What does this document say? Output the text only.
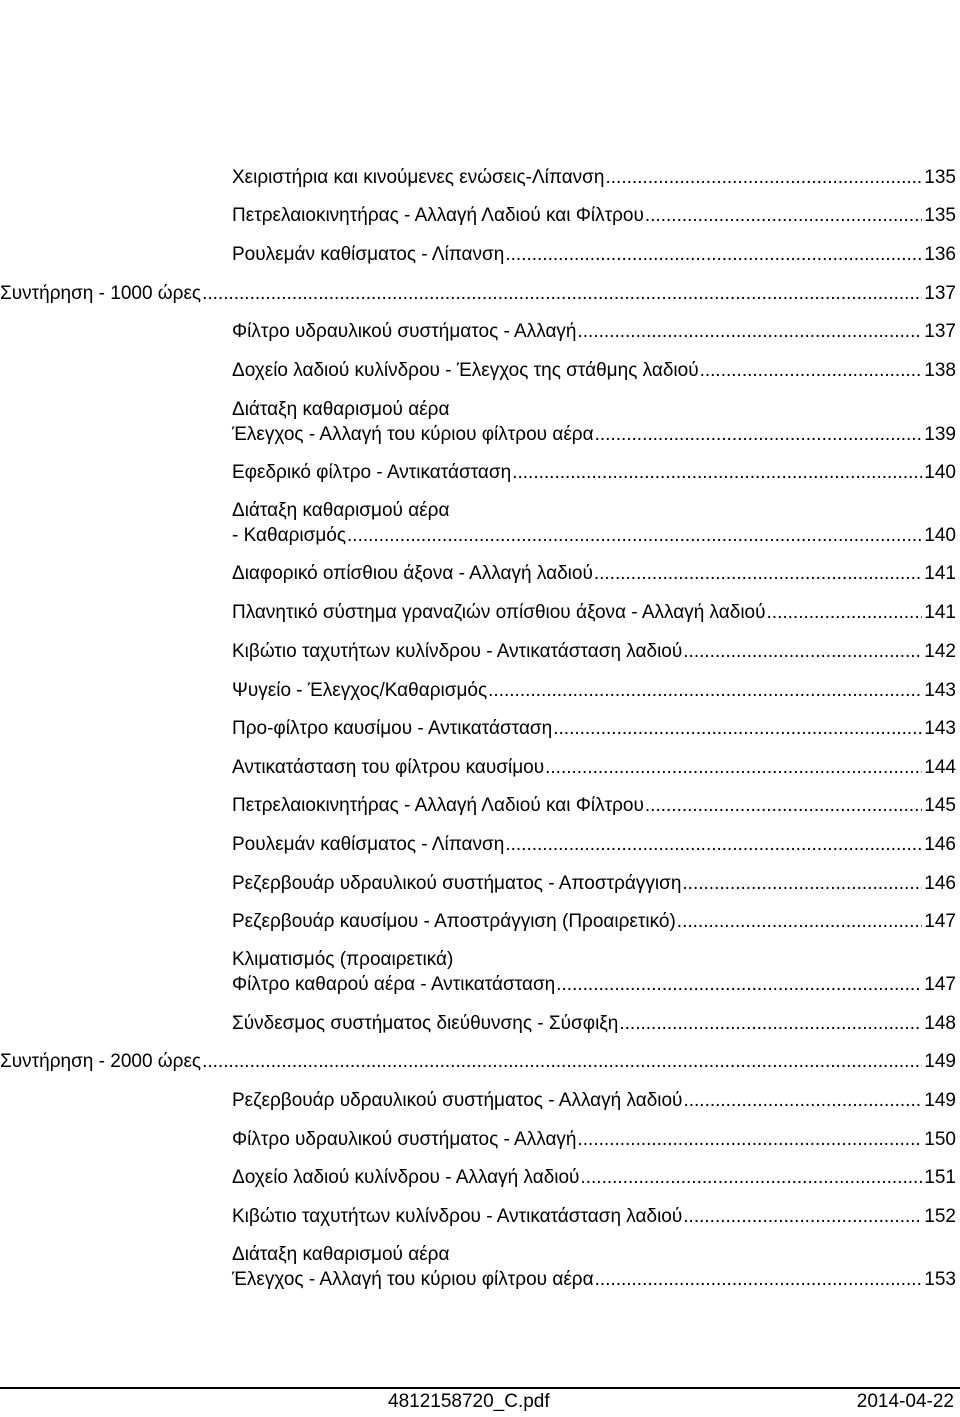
Χειριστήρια και κινούμενες ενώσεις-Λίπανση .....	135
Πετρελαιοκινητήρας - Αλλαγή Λαδιού και Φίλτρου .....	135
Ρουλεμάν καθίσματος - Λίπανση .....	136
Συντήρηση - 1000 ώρες .....	137
Φίλτρο υδραυλικού συστήματος - Αλλαγή .....	137
Δοχείο λαδιού κυλίνδρου - Έλεγχος της στάθμης λαδιού .....	138
Διάταξη καθαρισμού αέρα
Έλεγχος - Αλλαγή του κύριου φίλτρου αέρα .....	139
Εφεδρικό φίλτρο - Αντικατάσταση .....	140
Διάταξη καθαρισμού αέρα
- Καθαρισμός .....	140
Διαφορικό οπίσθιου άξονα - Αλλαγή λαδιού .....	141
Πλανητικό σύστημα γραναζιών οπίσθιου άξονα - Αλλαγή λαδιού .....	141
Κιβώτιο ταχυτήτων κυλίνδρου - Αντικατάσταση λαδιού .....	142
Ψυγείο - Έλεγχος/Καθαρισμός .....	143
Προ-φίλτρο καυσίμου - Αντικατάσταση .....	143
Αντικατάσταση του φίλτρου καυσίμου .....	144
Πετρελαιοκινητήρας - Αλλαγή Λαδιού και Φίλτρου .....	145
Ρουλεμάν καθίσματος - Λίπανση .....	146
Ρεζερβουάρ υδραυλικού συστήματος - Αποστράγγιση .....	146
Ρεζερβουάρ καυσίμου - Αποστράγγιση (Προαιρετικό) .....	147
Κλιματισμός (προαιρετικά)
Φίλτρο καθαρού αέρα - Αντικατάσταση .....	147
Σύνδεσμος συστήματος διεύθυνσης - Σύσφιξη .....	148
Συντήρηση - 2000 ώρες .....	149
Ρεζερβουάρ υδραυλικού συστήματος - Αλλαγή λαδιού .....	149
Φίλτρο υδραυλικού συστήματος - Αλλαγή .....	150
Δοχείο λαδιού κυλίνδρου - Αλλαγή λαδιού .....	151
Κιβώτιο ταχυτήτων κυλίνδρου - Αντικατάσταση λαδιού .....	152
Διάταξη καθαρισμού αέρα
Έλεγχος - Αλλαγή του κύριου φίλτρου αέρα .....	153
4812158720_C.pdf	2014-04-22
